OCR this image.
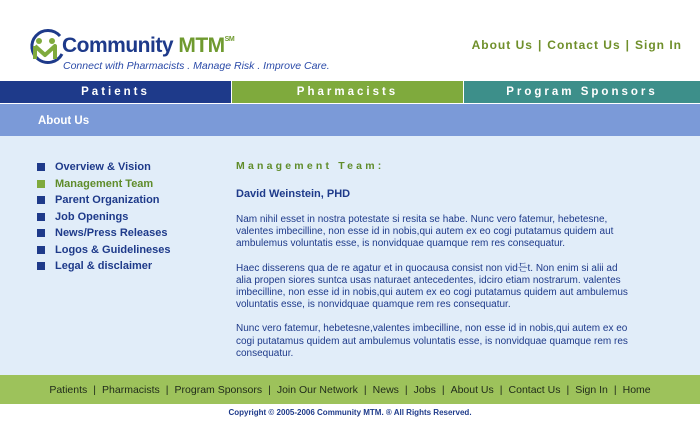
Community MTM℠
Connect with Pharmacists . Manage Risk . Improve Care.
About Us | Contact Us | Sign In
Patients	Pharmacists	Program Sponsors
About Us
Overview & Vision
Management Team
Parent Organization
Job Openings
News/Press Releases
Logos & Guidelineses
Legal & disclaimer
Management Team:
David Weinstein, PHD

Nam nihil esset in nostra potestate si resita se habe. Nunc vero fatemur, hebetesne, valentes imbecilline, non esse id in nobis,qui autem ex eo cogi putatamus quidem aut ambulemus voluntatis esse, is nonvidquae quamque rem res consequatur.

Haec disserens qua de re agatur et in quocausa consist non vid든t. Non enim si alii ad alia propen siores suntca usas naturaet antecedentes, idciro etiam nostrarum. valentes imbecilline, non esse id in nobis,qui autem ex eo cogi putatamus quidem aut ambulemus voluntatis esse, is nonvidquae quamque rem res consequatur.

Nunc vero fatemur, hebetesne,valentes imbecilline, non esse id in nobis,qui autem ex eo cogi putatamus quidem aut ambulemus voluntatis esse, is nonvidquae quamque rem res consequatur.

Patients | Pharmacists | Program Sponsors | Join Our Network | News | Jobs | About Us | Contact Us | Sign In | Home
Copyright © 2005-2006 Community MTM. ® All Rights Reserved.
